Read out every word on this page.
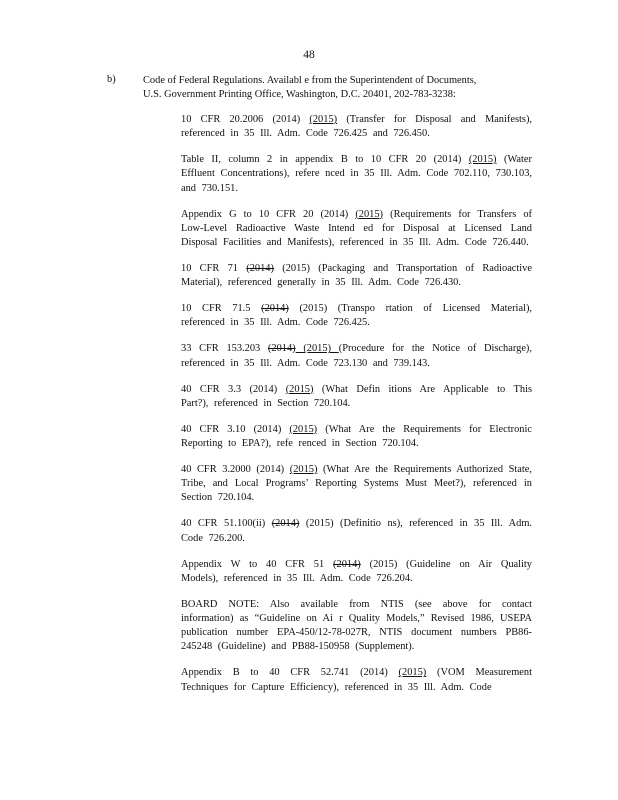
48
b)	Code of Federal Regulations. Availabl e from the Superintendent of Documents,
U.S. Government Printing Office, Washington, D.C. 20401, 202-783-3238:
10 CFR 20.2006 (2014) (2015) (Transfer for Disposal and Manifests), referenced in 35 Ill. Adm. Code 726.425 and 726.450.
Table II, column 2 in appendix B to 10 CFR 20 (2014) (2015) (Water Effluent Concentrations), refere nced in 35 Ill. Adm. Code 702.110, 730.103, and 730.151.
Appendix G to 10 CFR 20 (2014) (2015) (Requirements for Transfers of Low-Level Radioactive Waste Intend ed for Disposal at Licensed Land Disposal Facilities and Manifests), referenced in 35 Ill. Adm. Code 726.440.
10 CFR 71 (2014) (2015) (Packaging and Transportation of Radioactive Material), referenced generally in 35 Ill. Adm. Code 726.430.
10 CFR 71.5 (2014) (2015) (Transpo rtation of Licensed Material), referenced in 35 Ill. Adm. Code 726.425.
33 CFR 153.203 (2014) (2015) (Procedure for the Notice of Discharge), referenced in 35 Ill. Adm. Code 723.130 and 739.143.
40 CFR 3.3 (2014) (2015) (What Defin itions Are Applicable to This Part?), referenced in Section 720.104.
40 CFR 3.10 (2014) (2015) (What Are the Requirements for Electronic Reporting to EPA?), refe renced in Section 720.104.
40 CFR 3.2000 (2014) (2015) (What Are the Requirements Authorized State, Tribe, and Local Programs’ Reporting Systems Must Meet?), referenced in Section 720.104.
40 CFR 51.100(ii) (2014) (2015) (Definitio ns), referenced in 35 Ill. Adm. Code 726.200.
Appendix W to 40 CFR 51 (2014) (2015) (Guideline on Air Quality Models), referenced in 35 Ill. Adm. Code 726.204.
BOARD NOTE: Also available from NTIS (see above for contact information) as “Guideline on Ai r Quality Models,” Revised 1986, USEPA publication number EPA-450/12-78-027R, NTIS document numbers PB86-245248 (Guideline) and PB88-150958 (Supplement).
Appendix B to 40 CFR 52.741 (2014) (2015) (VOM Measurement Techniques for Capture Efficiency), referenced in 35 Ill. Adm. Code
